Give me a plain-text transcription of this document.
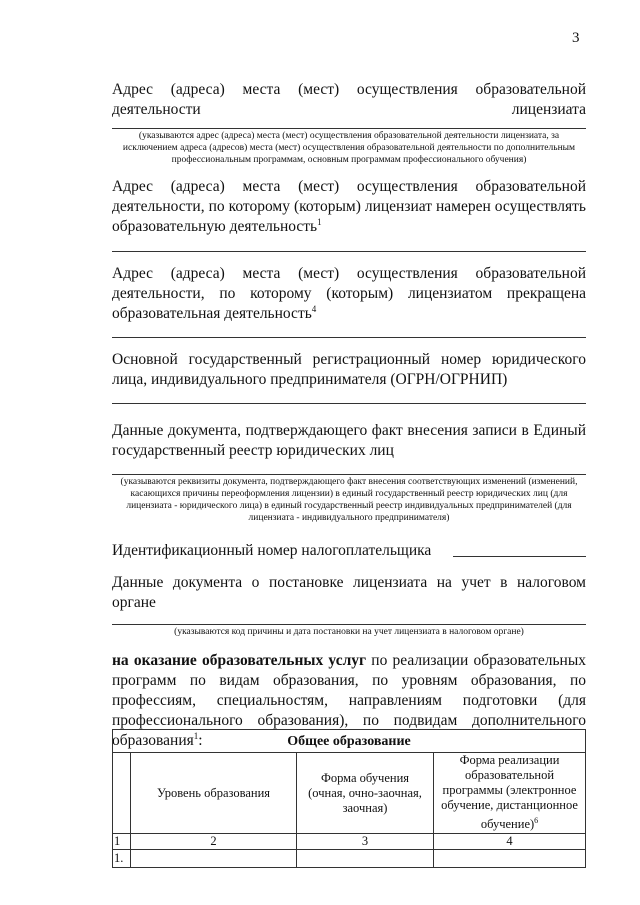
3

Адрес (адреса) места (мест) осуществления образовательной деятельности лицензиата

(указываются адрес (адреса) места (мест) осуществления образовательной деятельности лицензиата, за исключением адреса (адресов) места (мест) осуществления образовательной деятельности по дополнительным профессиональным программам, основным программам профессионального обучения)

Адрес (адреса) места (мест) осуществления образовательной деятельности, по которому (которым) лицензиат намерен осуществлять образовательную деятельность$^1$

Адрес (адреса) места (мест) осуществления образовательной деятельности, по которому (которым) лицензиатом прекращена образовательная деятельность$^4$

Основной государственный регистрационный номер юридического лица, индивидуального предпринимателя (ОГРН/ОГРНИП)

Данные документа, подтверждающего факт внесения записи в Единый государственный реестр юридических лиц

(указываются реквизиты документа, подтверждающего факт внесения соответствующих изменений (изменений, касающихся причины переоформления лицензии) в единый государственный реестр юридических лиц (для лицензиата - юридического лица) в единый государственный реестр индивидуальных предпринимателей (для лицензиата - индивидуального предпринимателя)

Идентификационный номер налогоплательщика

Данные документа о постановке лицензиата на учет в налоговом органе

(указываются код причины и дата постановки на учет лицензиата в налоговом органе)

на оказание образовательных услуг по реализации образовательных программ по видам образования, по уровням образования, по профессиям, специальностям, направлениям подготовки (для профессионального образования), по подвидам дополнительного образования$^1$:	Общее образование			
	Уровень образования	Форма обучения (очная, очно-заочная, заочная)	Форма реализации образовательной программы (электронное обучение, дистанционное обучение)$^6$
1	2	3	4
1.			
